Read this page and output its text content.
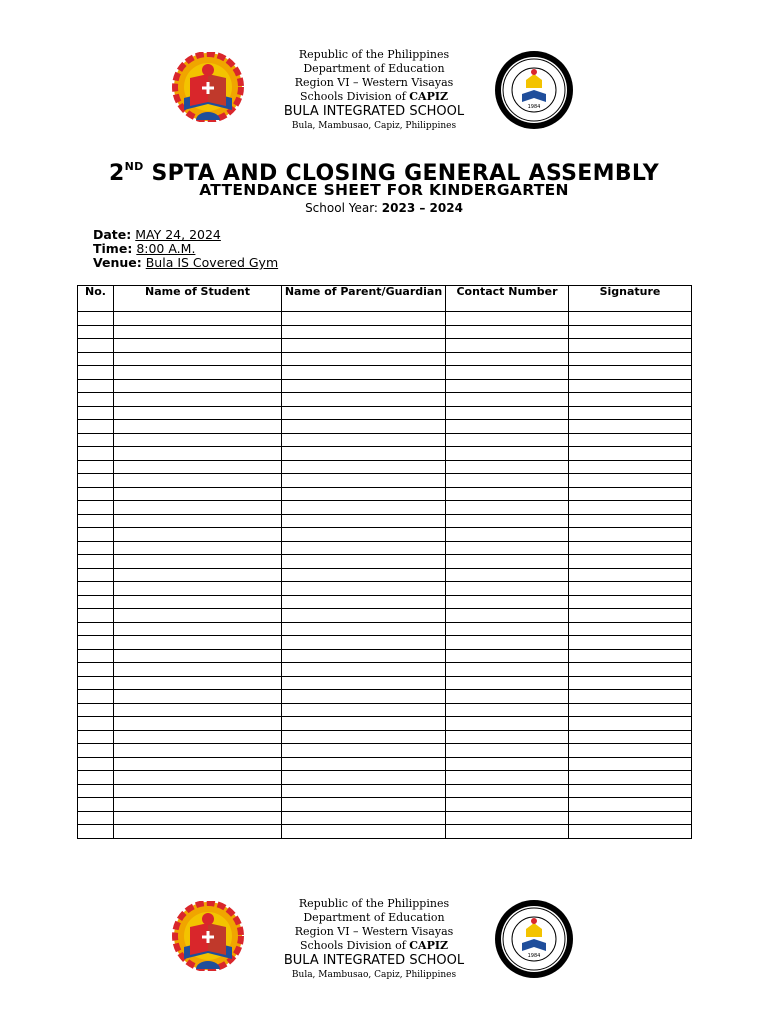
Republic of the Philippines
Department of Education
Region VI – Western Visayas
Schools Division of CAPIZ
BULA INTEGRATED SCHOOL
Bula, Mambusao, Capiz, Philippines
1984
2ND SPTA AND CLOSING GENERAL ASSEMBLY
ATTENDANCE SHEET FOR KINDERGARTEN
School Year: 2023 – 2024
Date: MAY 24, 2024
Time: 8:00 A.M.
Venue: Bula IS Covered Gym
No.	Name of Student	Name of Parent/Guardian	Contact Number	Signature

Republic of the Philippines
Department of Education
Region VI – Western Visayas
Schools Division of CAPIZ
BULA INTEGRATED SCHOOL
Bula, Mambusao, Capiz, Philippines
1984
